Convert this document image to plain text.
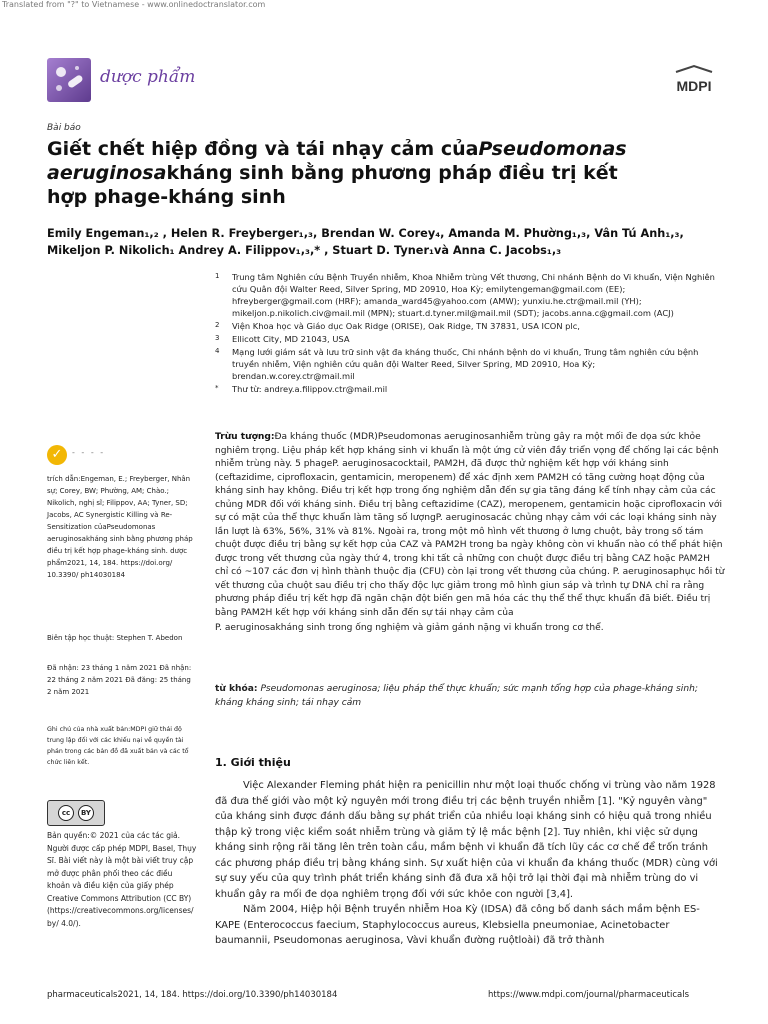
Translated from "?" to Vietnamese - www.onlinedoctranslator.com
dược phẩm	MDPI
Bài báo
Giết chết hiệp đồng và tái nhạy cảm củaPseudomonas aeruginosakháng sinh bằng phương pháp điều trị kết hợp phage-kháng sinh
Emily Engeman₁,₂ , Helen R. Freyberger₁,₃, Brendan W. Corey₄, Amanda M. Phường₁,₃, Vân Tú Anh₁,₃,
Mikeljon P. Nikolich₁ Andrey A. Filippov₁,₃,* , Stuart D. Tyner₁và Anna C. Jacobs₁,₃
1	Trung tâm Nghiên cứu Bệnh Truyền nhiễm, Khoa Nhiễm trùng Vết thương, Chi nhánh Bệnh do Vi khuẩn, Viện Nghiên cứu Quân đội Walter Reed, Silver Spring, MD 20910, Hoa Kỳ; emilytengeman@gmail.com (EE); hfreyberger@gmail.com (HRF); amanda_ward45@yahoo.com (AMW); yunxiu.he.ctr@mail.mil (YH); mikeljon.p.nikolich.civ@mail.mil (MPN); stuart.d.tyner.mil@mail.mil (SDT); jacobs.anna.c@gmail.com (ACJ)
2	Viện Khoa học và Giáo dục Oak Ridge (ORISE), Oak Ridge, TN 37831, USA ICON plc,
3	Ellicott City, MD 21043, USA
4	Mạng lưới giám sát và lưu trữ sinh vật đa kháng thuốc, Chi nhánh bệnh do vi khuẩn, Trung tâm nghiên cứu bệnh truyền nhiễm, Viện nghiên cứu quân đội Walter Reed, Silver Spring, MD 20910, Hoa Kỳ; brendan.w.corey.ctr@mail.mil
*	Thư từ: andrey.a.filippov.ctr@mail.mil
✓	- - - -
trích dẫn:Engeman, E.; Freyberger, Nhân sự; Corey, BW; Phường, AM; Chào.; Nikolich, nghị sĩ; Filippov, AA; Tyner, SD; Jacobs, AC Synergistic Killing và Re-Sensitization củaPseudomonas aeruginosakháng sinh bằng phương pháp điều trị kết hợp phage-kháng sinh. dược phẩm2021, 14, 184. https://doi.org/ 10.3390/ ph14030184
Biên tập học thuật: Stephen T. Abedon
Đã nhận: 23 tháng 1 năm 2021 Đã nhận: 22 tháng 2 năm 2021 Đã đăng: 25 tháng 2 năm 2021
Ghi chú của nhà xuất bản:MDPI giữ thái độ trung lập đối với các khiếu nại về quyền tài phán trong các bản đồ đã xuất bản và các tổ chức liên kết.
cc	BY
Bản quyền:© 2021 của các tác giả. Người được cấp phép MDPI, Basel, Thụy Sĩ. Bài viết này là một bài viết truy cập mở được phân phối theo các điều khoản và điều kiện của giấy phép Creative Commons Attribution (CC BY) (https://creativecommons.org/licenses/ by/ 4.0/).
Trừu tượng:Đa kháng thuốc (MDR)Pseudomonas aeruginosanhiễm trùng gây ra một mối đe dọa sức khỏe nghiêm trọng. Liệu pháp kết hợp kháng sinh vi khuẩn là một ứng cử viên đầy triển vọng để chống lại các bệnh nhiễm trùng này. 5 phageP. aeruginosacocktail, PAM2H, đã được thử nghiệm kết hợp với kháng sinh (ceftazidime, ciprofloxacin, gentamicin, meropenem) để xác định xem PAM2H có tăng cường hoạt động của kháng sinh hay không. Điều trị kết hợp trong ống nghiệm dẫn đến sự gia tăng đáng kể tính nhạy cảm của các chủng MDR đối với kháng sinh. Điều trị bằng ceftazidime (CAZ), meropenem, gentamicin hoặc ciprofloxacin với sự có mặt của thể thực khuẩn làm tăng số lượngP. aeruginosacác chủng nhạy cảm với các loại kháng sinh này lần lượt là 63%, 56%, 31% và 81%. Ngoài ra, trong một mô hình vết thương ở lưng chuột, bảy trong số tám chuột được điều trị bằng sự kết hợp của CAZ và PAM2H trong ba ngày không còn vi khuẩn nào có thể phát hiện được trong vết thương của ngày thứ 4, trong khi tất cả những con chuột được điều trị bằng CAZ hoặc PAM2H chỉ có ~107 các đơn vị hình thành thuộc địa (CFU) còn lại trong vết thương của chúng. P. aeruginosaphục hồi từ vết thương của chuột sau điều trị cho thấy độc lực giảm trong mô hình giun sáp và trình tự DNA chỉ ra rằng phương pháp điều trị kết hợp đã ngăn chặn đột biến gen mã hóa các thụ thể thể thực khuẩn đã biết. Điều trị bằng PAM2H kết hợp với kháng sinh dẫn đến sự tái nhạy cảm của
P. aeruginosakháng sinh trong ống nghiệm và giảm gánh nặng vi khuẩn trong cơ thể.
từ khóa: Pseudomonas aeruginosa; liệu pháp thể thực khuẩn; sức mạnh tổng hợp của phage-kháng sinh; kháng kháng sinh; tái nhạy cảm
1. Giới thiệu

Việc Alexander Fleming phát hiện ra penicillin như một loại thuốc chống vi trùng vào năm 1928 đã đưa thế giới vào một kỷ nguyên mới trong điều trị các bệnh truyền nhiễm [1]. "Kỷ nguyên vàng" của kháng sinh được đánh dấu bằng sự phát triển của nhiều loại kháng sinh có hiệu quả trong nhiều thập kỷ trong việc kiểm soát nhiễm trùng và giảm tỷ lệ mắc bệnh [2]. Tuy nhiên, khi việc sử dụng kháng sinh rộng rãi tăng lên trên toàn cầu, mầm bệnh vi khuẩn đã tích lũy các cơ chế để trốn tránh các phương pháp điều trị bằng kháng sinh. Sự xuất hiện của vi khuẩn đa kháng thuốc (MDR) cùng với sự suy yếu của quy trình phát triển kháng sinh đã đưa xã hội trở lại thời đại mà nhiễm trùng do vi khuẩn gây ra mối đe dọa nghiêm trọng đối với sức khỏe con người [3,4].

Năm 2004, Hiệp hội Bệnh truyền nhiễm Hoa Kỳ (IDSA) đã công bố danh sách mầm bệnh ES-KAPE (Enterococcus faecium, Staphylococcus aureus, Klebsiella pneumoniae, Acinetobacter baumannii, Pseudomonas aeruginosa, Vàvi khuẩn đường ruộtloài) đã trở thành

pharmaceuticals2021, 14, 184. https://doi.org/10.3390/ph14030184	https://www.mdpi.com/journal/pharmaceuticals
